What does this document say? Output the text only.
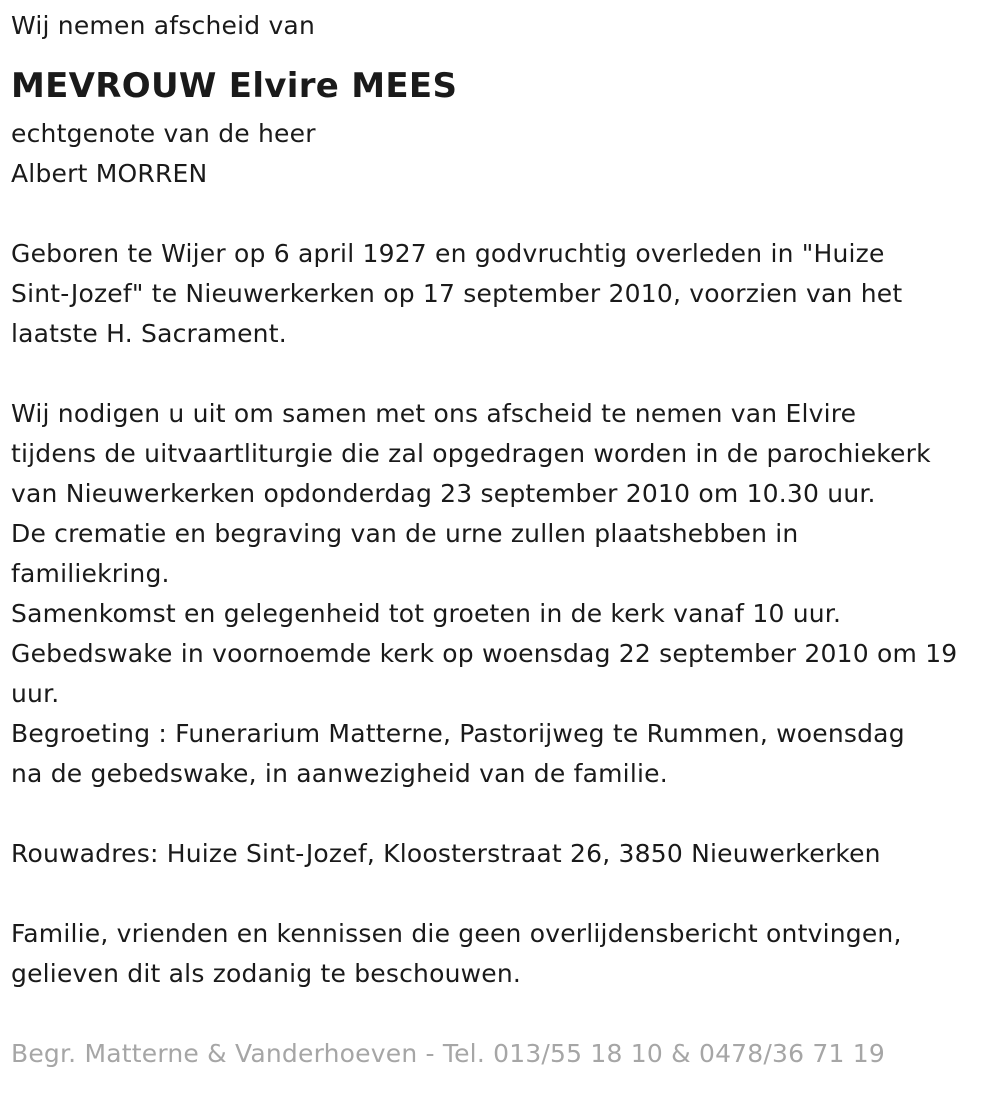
Wij nemen afscheid van
MEVROUW Elvire MEES
echtgenote van de heer
Albert MORREN
Geboren te Wijer op 6 april 1927 en godvruchtig overleden in "Huize
Sint-Jozef" te Nieuwerkerken op 17 september 2010, voorzien van het
laatste H. Sacrament.
Wij nodigen u uit om samen met ons afscheid te nemen van Elvire
tijdens de uitvaartliturgie die zal opgedragen worden in de parochiekerk
van Nieuwerkerken opdonderdag 23 september 2010 om 10.30 uur.
De crematie en begraving van de urne zullen plaatshebben in
familiekring.
Samenkomst en gelegenheid tot groeten in de kerk vanaf 10 uur.
Gebedswake in voornoemde kerk op woensdag 22 september 2010 om 19
uur.
Begroeting : Funerarium Matterne, Pastorijweg te Rummen, woensdag
na de gebedswake, in aanwezigheid van de familie.
Rouwadres: Huize Sint-Jozef, Kloosterstraat 26, 3850 Nieuwerkerken
Familie, vrienden en kennissen die geen overlijdensbericht ontvingen,
gelieven dit als zodanig te beschouwen.
Begr. Matterne & Vanderhoeven - Tel. 013/55 18 10 & 0478/36 71 19
